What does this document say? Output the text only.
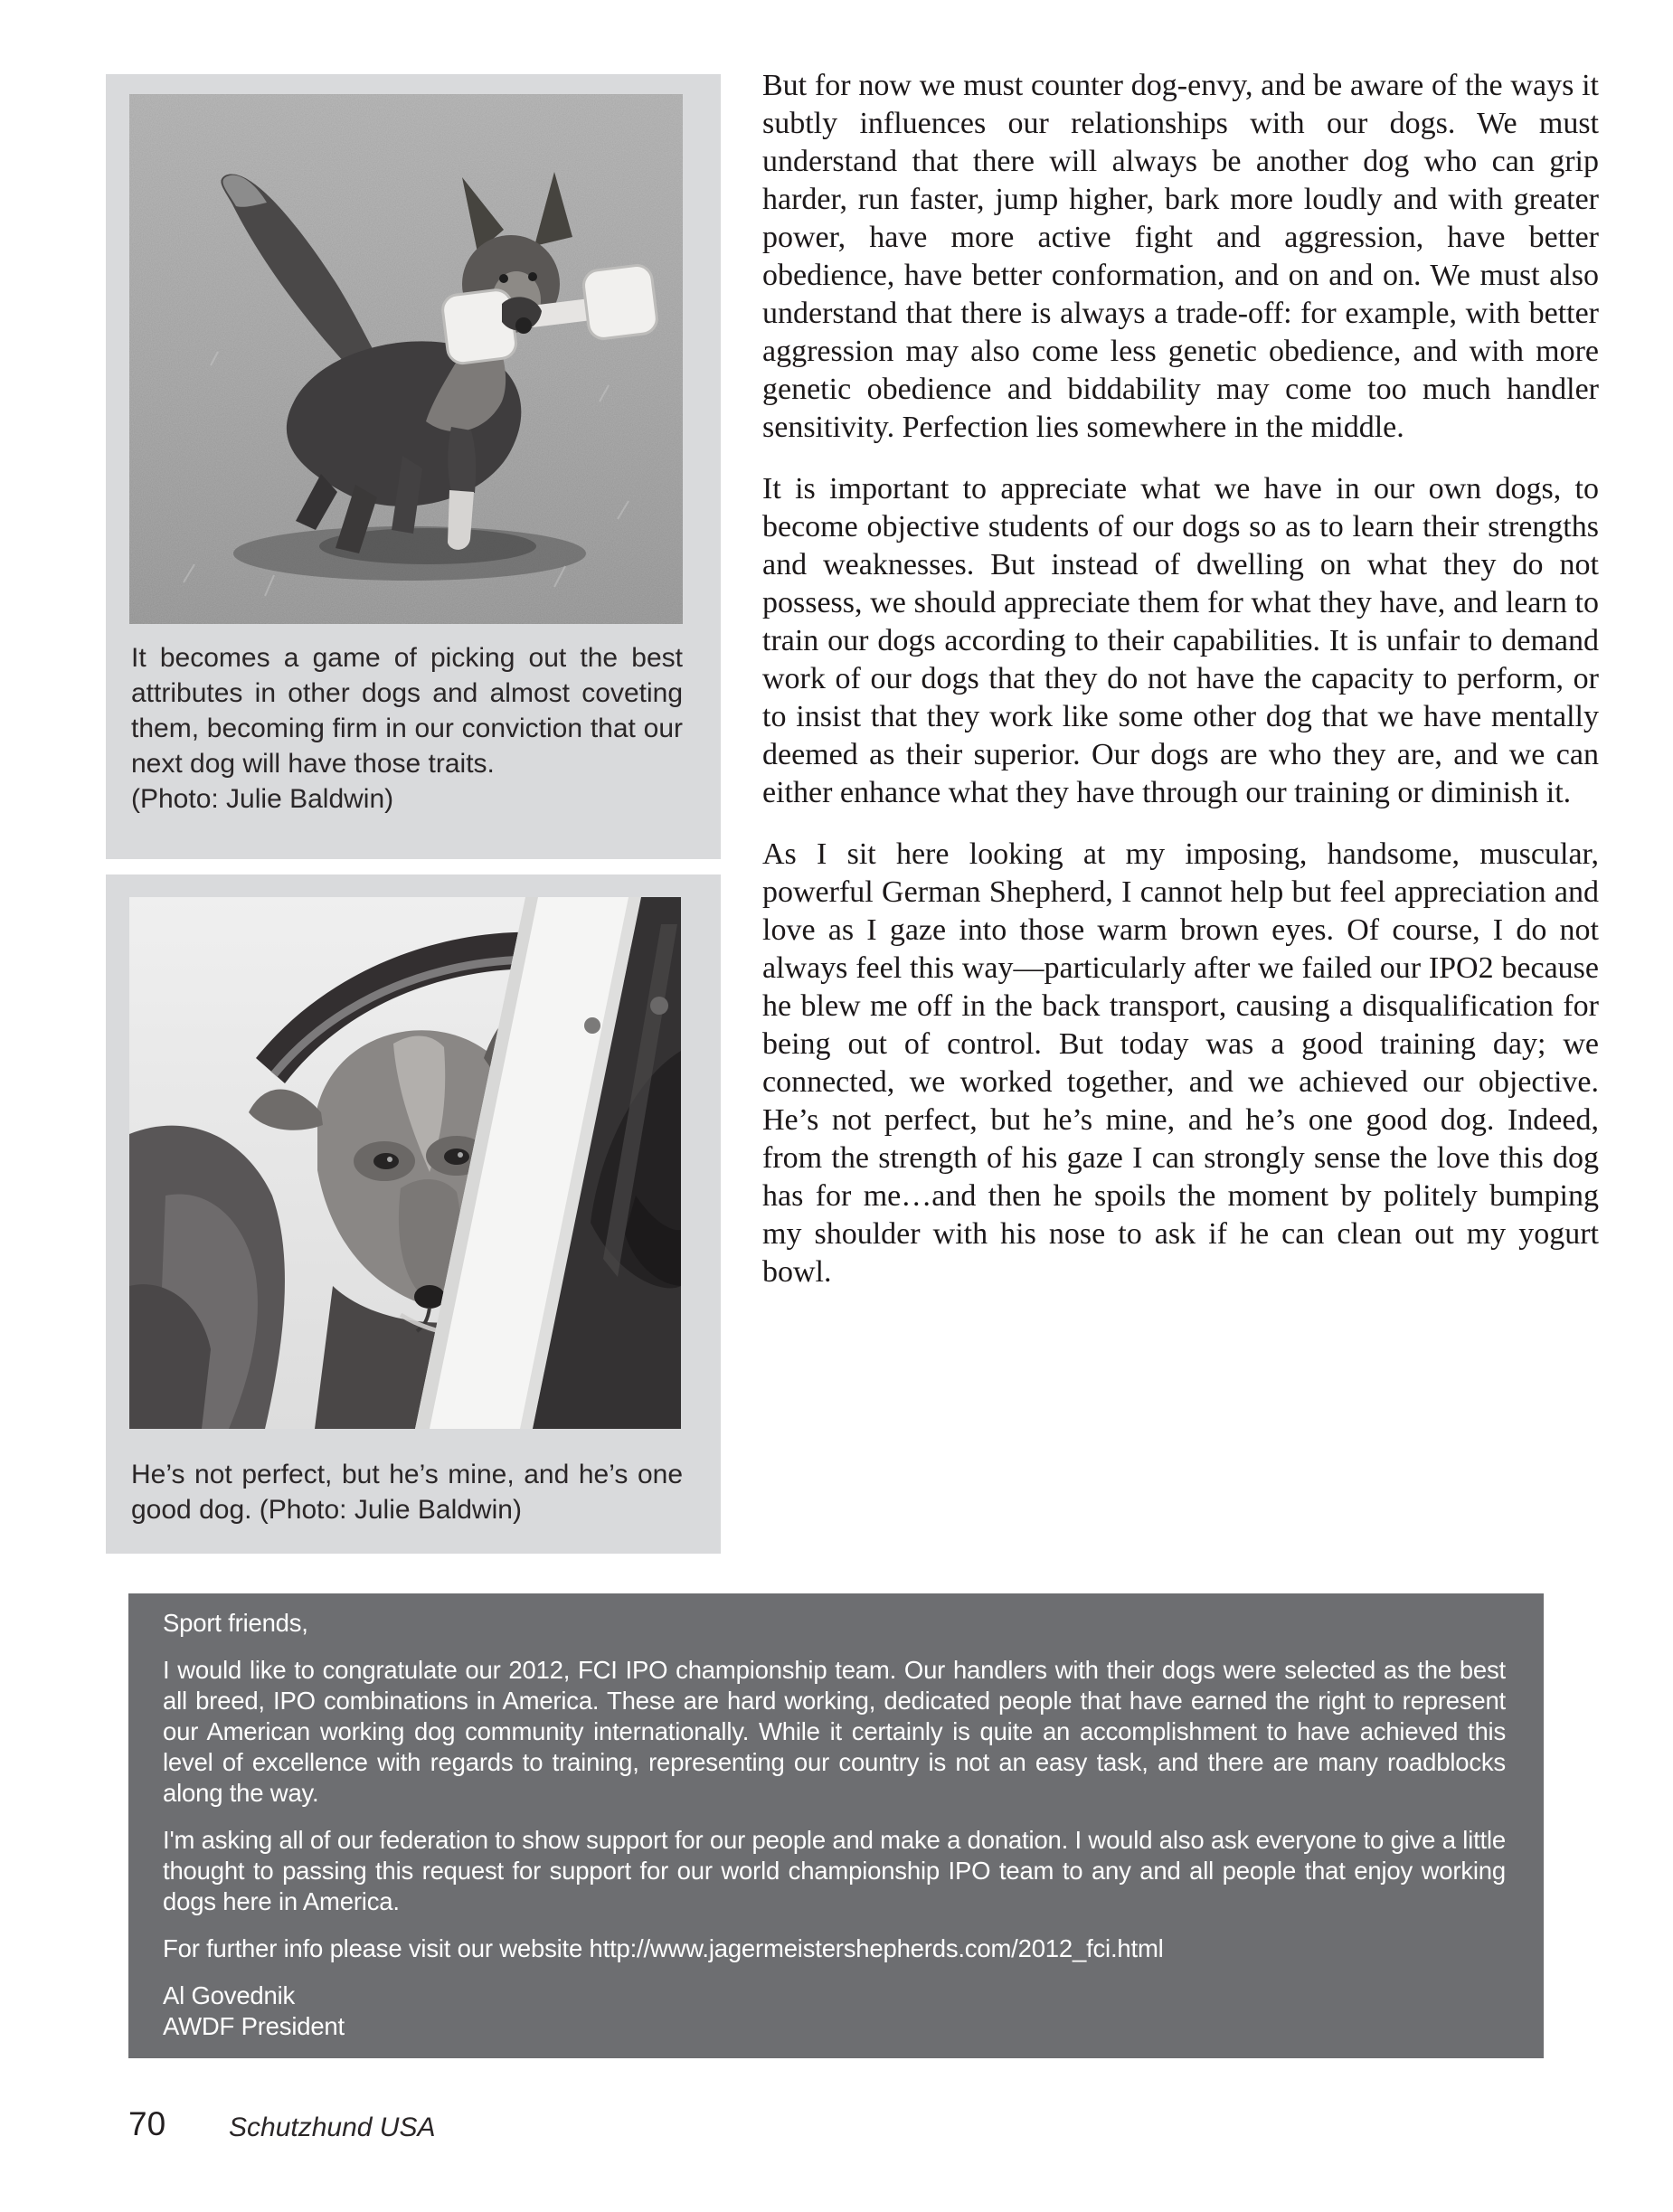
It becomes a game of picking out the best attributes in other dogs and almost coveting them, becoming firm in our conviction that our next dog will have those traits.
(Photo: Julie Baldwin)
He’s not perfect, but he’s mine, and he’s one good dog. (Photo: Julie Baldwin)

But for now we must counter dog-envy, and be aware of the ways it subtly influences our relationships with our dogs. We must understand that there will always be another dog who can grip harder, run faster, jump higher, bark more loudly and with greater power, have more active fight and aggression, have better obedience, have better conformation, and on and on. We must also understand that there is always a trade-off: for example, with better aggression may also come less genetic obedience, and with more genetic obedience and biddability may come too much handler sensitivity. Perfection lies somewhere in the middle.

It is important to appreciate what we have in our own dogs, to become objective students of our dogs so as to learn their strengths and weaknesses. But instead of dwelling on what they do not possess, we should appreciate them for what they have, and learn to train our dogs according to their capabilities. It is unfair to demand work of our dogs that they do not have the capacity to perform, or to insist that they work like some other dog that we have mentally deemed as their superior. Our dogs are who they are, and we can either enhance what they have through our training or diminish it.

As I sit here looking at my imposing, handsome, muscular, powerful German Shepherd, I cannot help but feel appreciation and love as I gaze into those warm brown eyes. Of course, I do not always feel this way—particularly after we failed our IPO2 because he blew me off in the back transport, causing a disqualification for being out of control. But today was a good training day; we connected, we worked together, and we achieved our objective. He’s not perfect, but he’s mine, and he’s one good dog. Indeed, from the strength of his gaze I can strongly sense the love this dog has for me…and then he spoils the moment by politely bumping my shoulder with his nose to ask if he can clean out my yogurt bowl.

Sport friends,

I would like to congratulate our 2012, FCI IPO championship team. Our handlers with their dogs were selected as the best all breed, IPO combinations in America. These are hard working, dedicated people that have earned the right to represent our American working dog community internationally. While it certainly is quite an accomplishment to have achieved this level of excellence with regards to training, representing our country is not an easy task, and there are many roadblocks along the way.

I'm asking all of our federation to show support for our people and make a donation. I would also ask everyone to give a little thought to passing this request for support for our world championship IPO team to any and all people that enjoy working dogs here in America.

For further info please visit our website http://www.jagermeistershepherds.com/2012_fci.html

Al Govednik
AWDF President

70 Schutzhund USA
